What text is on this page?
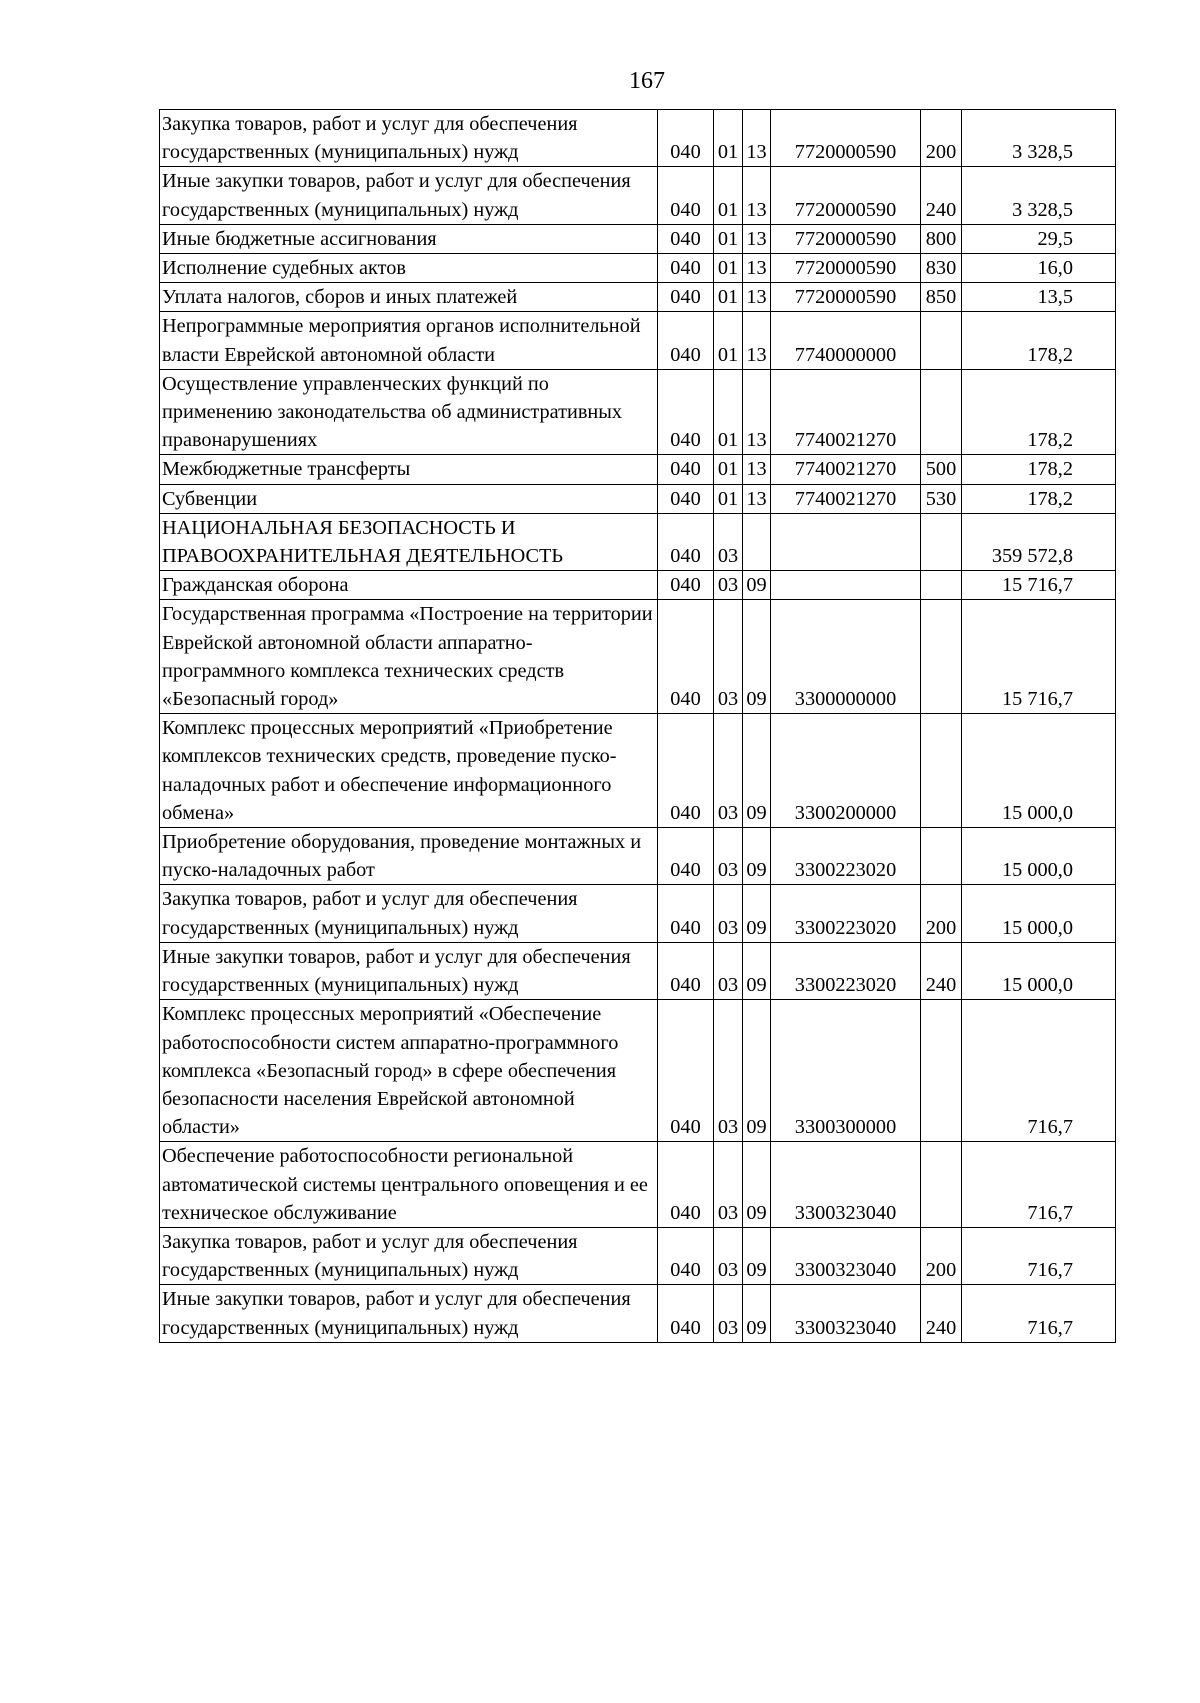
167
Закупка товаров, работ и услуг для обеспечения государственных (муниципальных) нужд	040	01	13	7720000590	200	3 328,5
Иные закупки товаров, работ и услуг для обеспечения государственных (муниципальных) нужд	040	01	13	7720000590	240	3 328,5
Иные бюджетные ассигнования	040	01	13	7720000590	800	29,5
Исполнение судебных актов	040	01	13	7720000590	830	16,0
Уплата налогов, сборов и иных платежей	040	01	13	7720000590	850	13,5
Непрограммные мероприятия органов исполнительной власти Еврейской автономной области	040	01	13	7740000000		178,2
Осуществление управленческих функций по применению законодательства об административных правонарушениях	040	01	13	7740021270		178,2
Межбюджетные трансферты	040	01	13	7740021270	500	178,2
Субвенции	040	01	13	7740021270	530	178,2
НАЦИОНАЛЬНАЯ БЕЗОПАСНОСТЬ И ПРАВООХРАНИТЕЛЬНАЯ ДЕЯТЕЛЬНОСТЬ	040	03				359 572,8
Гражданская оборона	040	03	09			15 716,7
Государственная программа «Построение на территории Еврейской автономной области аппаратно-программного комплекса технических средств «Безопасный город»	040	03	09	3300000000		15 716,7
Комплекс процессных мероприятий «Приобретение комплексов технических средств, проведение пуско-наладочных работ и обеспечение информационного обмена»	040	03	09	3300200000		15 000,0
Приобретение оборудования, проведение монтажных и пуско-наладочных работ	040	03	09	3300223020		15 000,0
Закупка товаров, работ и услуг для обеспечения государственных (муниципальных) нужд	040	03	09	3300223020	200	15 000,0
Иные закупки товаров, работ и услуг для обеспечения государственных (муниципальных) нужд	040	03	09	3300223020	240	15 000,0
Комплекс процессных мероприятий «Обеспечение работоспособности систем аппаратно-программного комплекса «Безопасный город» в сфере обеспечения безопасности населения Еврейской автономной области»	040	03	09	3300300000		716,7
Обеспечение работоспособности региональной автоматической системы центрального оповещения и ее техническое обслуживание	040	03	09	3300323040		716,7
Закупка товаров, работ и услуг для обеспечения государственных (муниципальных) нужд	040	03	09	3300323040	200	716,7
Иные закупки товаров, работ и услуг для обеспечения государственных (муниципальных) нужд	040	03	09	3300323040	240	716,7
